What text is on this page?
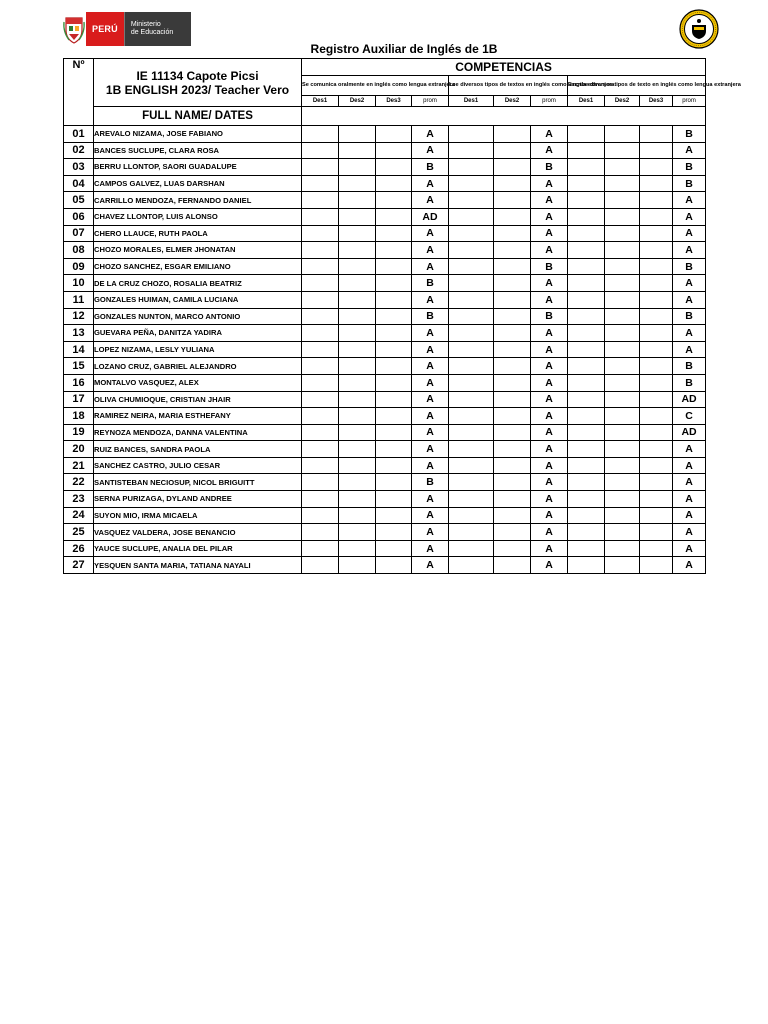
PERÚ	Ministerio
de Educación
Registro Auxiliar de Inglés de 1B
Nº	IE 11134 Capote Picsi
1B ENGLISH 2023/ Teacher Vero	COMPETENCIAS										
		Se comunica oralmente en inglés como lengua extranjera				Lee diversos tipos de textos en inglés como lengua extranjera			Escribe diversos tipos de texto en inglés como lengua extranjera			
		Des1	Des2	Des3	prom	Des1	Des2	prom	Des1	Des2	Des3	prom
	FULL NAME/ DATES											
01	AREVALO NIZAMA, JOSE FABIANO				A			A				B
02	BANCES SUCLUPE, CLARA ROSA				A			A				A
03	BERRU LLONTOP, SAORI GUADALUPE				B			B				B
04	CAMPOS GALVEZ, LUAS DARSHAN				A			A				B
05	CARRILLO MENDOZA, FERNANDO DANIEL				A			A				A
06	CHAVEZ LLONTOP, LUIS ALONSO				AD			A				A
07	CHERO LLAUCE, RUTH PAOLA				A			A				A
08	CHOZO MORALES, ELMER JHONATAN				A			A				A
09	CHOZO SANCHEZ, ESGAR EMILIANO				A			B				B
10	DE LA CRUZ CHOZO, ROSALIA BEATRIZ				B			A				A
11	GONZALES HUIMAN, CAMILA LUCIANA				A			A				A
12	GONZALES NUNTON, MARCO ANTONIO				B			B				B
13	GUEVARA PEÑA, DANITZA YADIRA				A			A				A
14	LOPEZ NIZAMA, LESLY YULIANA				A			A				A
15	LOZANO CRUZ, GABRIEL ALEJANDRO				A			A				B
16	MONTALVO VASQUEZ, ALEX				A			A				B
17	OLIVA CHUMIOQUE, CRISTIAN JHAIR				A			A				AD
18	RAMIREZ NEIRA, MARIA ESTHEFANY				A			A				C
19	REYNOZA MENDOZA, DANNA VALENTINA				A			A				AD
20	RUIZ BANCES, SANDRA PAOLA				A			A				A
21	SANCHEZ CASTRO, JULIO CESAR				A			A				A
22	SANTISTEBAN NECIOSUP, NICOL BRIGUITT				B			A				A
23	SERNA PURIZAGA, DYLAND ANDREE				A			A				A
24	SUYON MIO, IRMA MICAELA				A			A				A
25	VASQUEZ VALDERA, JOSE BENANCIO				A			A				A
26	YAUCE SUCLUPE, ANALIA DEL PILAR				A			A				A
27	YESQUEN SANTA MARIA, TATIANA NAYALI				A			A				A
